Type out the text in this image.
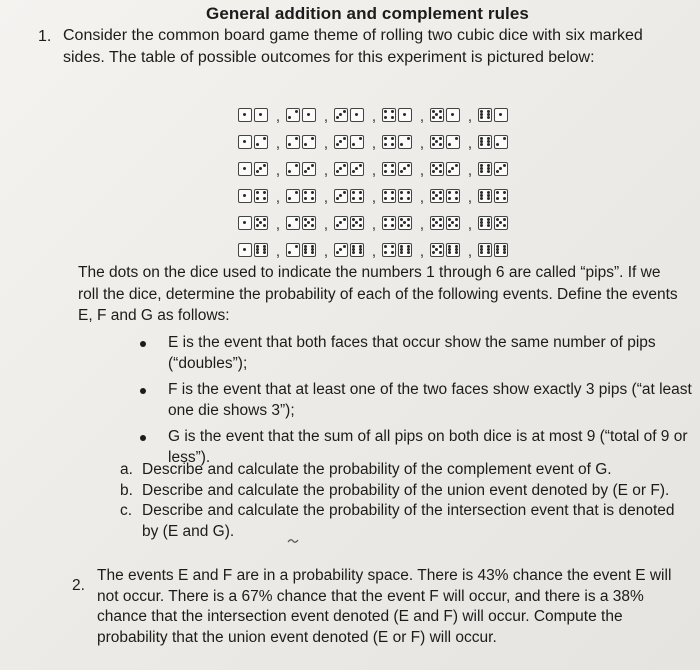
General addition and complement rules
1. Consider the common board game theme of rolling two cubic dice with six marked sides. The table of possible outcomes for this experiment is pictured below:
,	,	,	,	,
,	,	,	,	,
,	,	,	,	,
,	,	,	,	,
,	,	,	,	,
,	,	,	,	,
The dots on the dice used to indicate the numbers 1 through 6 are called “pips”. If we roll the dice, determine the probability of each of the following events. Define the events E, F and G as follows:
E is the event that both faces that occur show the same number of pips (“doubles”);
F is the event that at least one of the two faces show exactly 3 pips (“at least one die shows 3”);
G is the event that the sum of all pips on both dice is at most 9 (“total of 9 or less”).
a. Describe and calculate the probability of the complement event of G.
b. Describe and calculate the probability of the union event denoted by (E or F).
c. Describe and calculate the probability of the intersection event that is denoted by (E and G).
2.
The events E and F are in a probability space. There is 43% chance the event E will not occur. There is a 67% chance that the event F will occur, and there is a 38% chance that the intersection event denoted (E and F) will occur. Compute the probability that the union event denoted (E or F) will occur.
